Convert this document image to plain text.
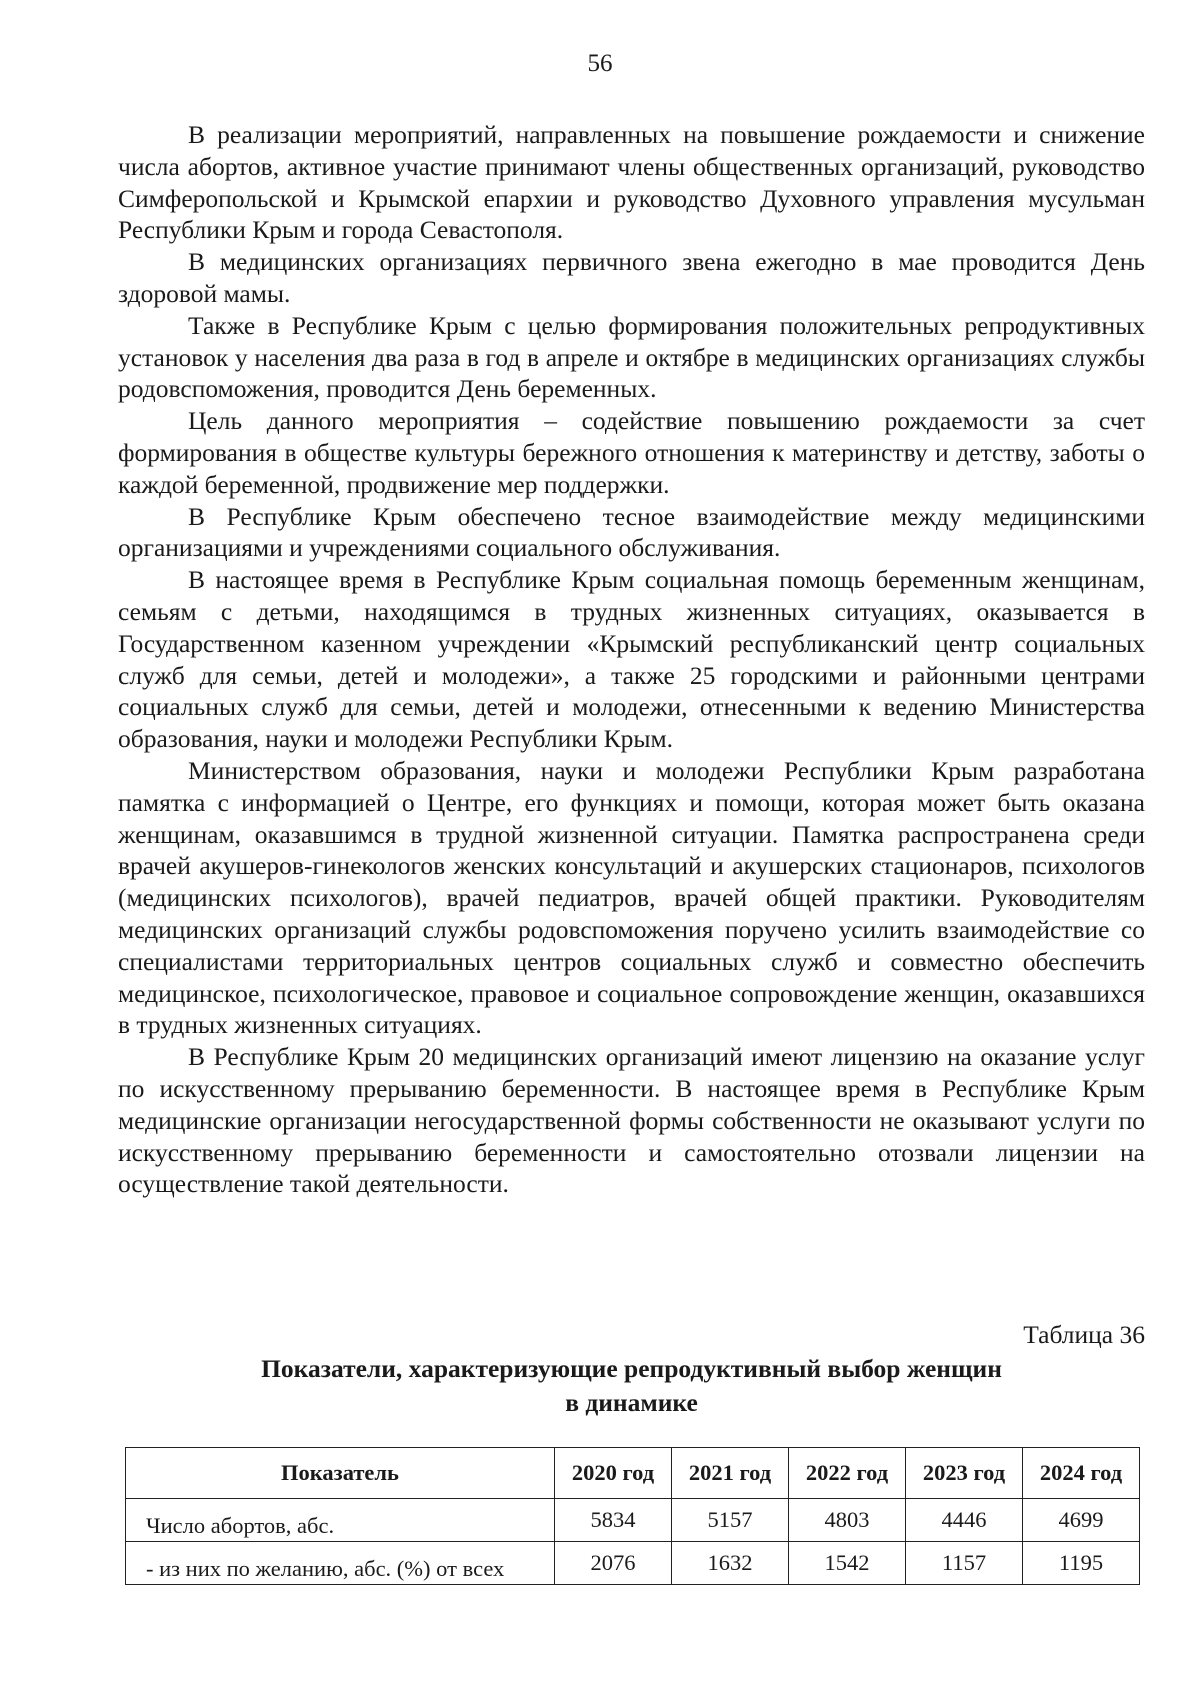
56

В реализации мероприятий, направленных на повышение рождаемости и снижение числа абортов, активное участие принимают члены общественных организаций, руководство Симферопольской и Крымской епархии и руководство Духовного управления мусульман Республики Крым и города Севастополя.

В медицинских организациях первичного звена ежегодно в мае проводится День здоровой мамы.

Также в Республике Крым с целью формирования положительных репродуктивных установок у населения два раза в год в апреле и октябре в медицинских организациях службы родовспоможения, проводится День беременных.

Цель данного мероприятия – содействие повышению рождаемости за счет формирования в обществе культуры бережного отношения к материнству и детству, заботы о каждой беременной, продвижение мер поддержки.

В Республике Крым обеспечено тесное взаимодействие между медицинскими организациями и учреждениями социального обслуживания.

В настоящее время в Республике Крым социальная помощь беременным женщинам, семьям с детьми, находящимся в трудных жизненных ситуациях, оказывается в Государственном казенном учреждении «Крымский республиканский центр социальных служб для семьи, детей и молодежи», а также 25 городскими и районными центрами социальных служб для семьи, детей и молодежи, отнесенными к ведению Министерства образования, науки и молодежи Республики Крым.

Министерством образования, науки и молодежи Республики Крым разработана памятка с информацией о Центре, его функциях и помощи, которая может быть оказана женщинам, оказавшимся в трудной жизненной ситуации. Памятка распространена среди врачей акушеров-гинекологов женских консультаций и акушерских стационаров, психологов (медицинских психологов), врачей педиатров, врачей общей практики. Руководителям медицинских организаций службы родовспоможения поручено усилить взаимодействие со специалистами территориальных центров социальных служб и совместно обеспечить медицинское, психологическое, правовое и социальное сопровождение женщин, оказавшихся в трудных жизненных ситуациях.

В Республике Крым 20 медицинских организаций имеют лицензию на оказание услуг по искусственному прерыванию беременности. В настоящее время в Республике Крым медицинские организации негосударственной формы собственности не оказывают услуги по искусственному прерыванию беременности и самостоятельно отозвали лицензии на осуществление такой деятельности.

Таблица 36
Показатели, характеризующие репродуктивный выбор женщин
в динамике
Показатель	2020 год	2021 год	2022 год	2023 год	2024 год
Число абортов, абс.	5834	5157	4803	4446	4699
- из них по желанию, абс. (%) от всех	2076	1632	1542	1157	1195
